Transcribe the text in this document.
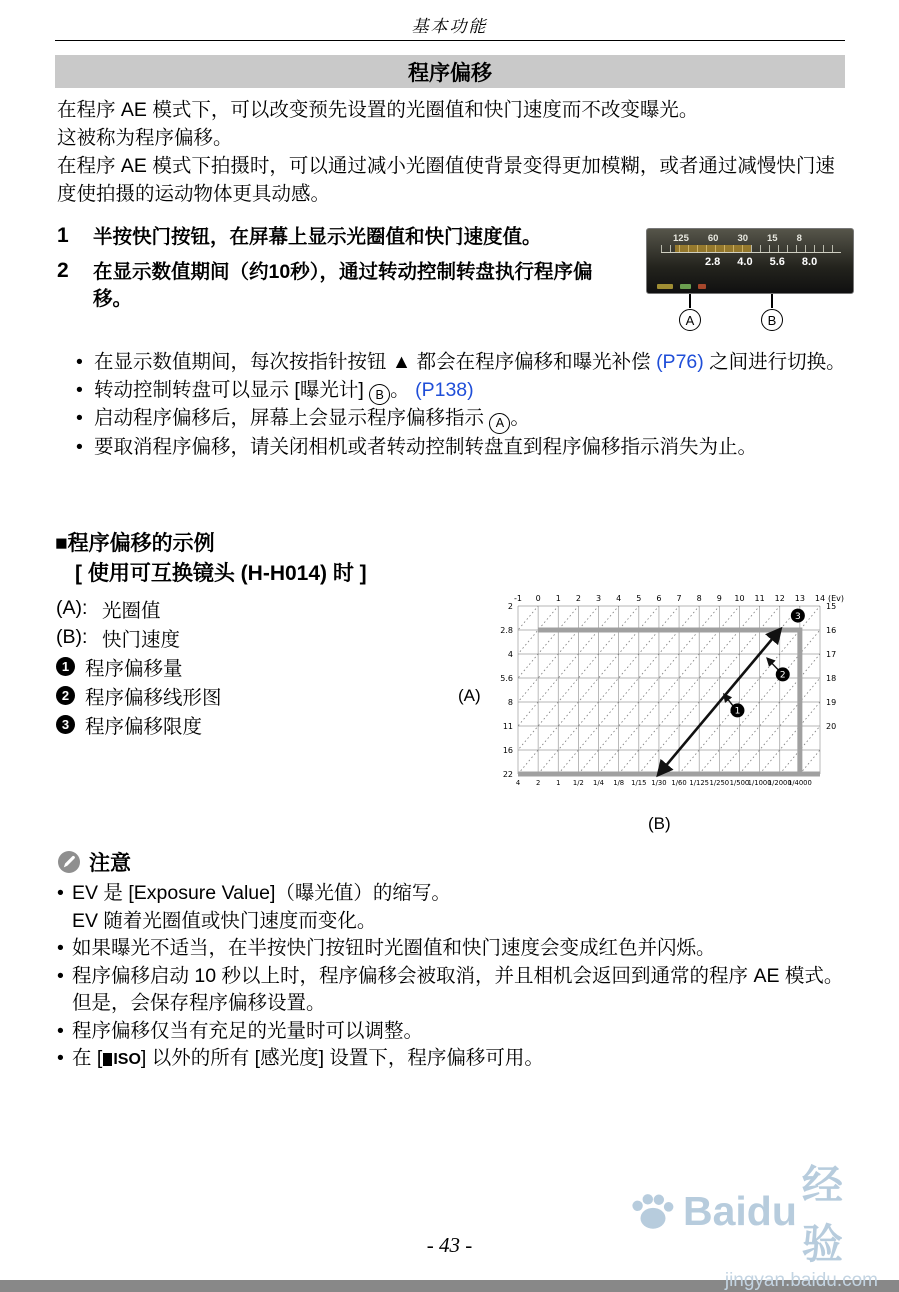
基本功能
程序偏移

在程序 AE 模式下，可以改变预先设置的光圈值和快门速度而不改变曝光。

这被称为程序偏移。

在程序 AE 模式下拍摄时，可以通过减小光圈值使背景变得更加模糊，或者通过减慢快门速度使拍摄的运动物体更具动感。

1	半按快门按钮，在屏幕上显示光圈值和快门速度值。
2	在显示数值期间（约10秒），通过转动控制转盘执行程序偏移。
125 60 30 15 8
2.8 4.0 5.6 8.0
A	B
• 在显示数值期间，每次按指针按钮 ▲ 都会在程序偏移和曝光补偿 (P76) 之间进行切换。
• 转动控制转盘可以显示 [曝光计] B 。 (P138)
• 启动程序偏移后，屏幕上会显示程序偏移指示 A 。
• 要取消程序偏移，请关闭相机或者转动控制转盘直到程序偏移指示消失为止。
■程序偏移的示例
[ 使用可互换镜头 (H-H014) 时 ]
(A): 光圈值
(B): 快门速度
1 程序偏移量
2 程序偏移线形图
3 程序偏移限度
(A)
-1 0 1 2 3 4 5 6 7 8 9 10 11 12 13 14 (Ev)
15
16
17
18
19
20
2
2.8
4
5.6
8
11
16
22
4 2 1 1/2 1/4 1/8 1/15 1/30 1/60 1/125 1/250 1/500
1/1000
1/2000
1/4000
1
2
3
(B)
注意
• EV 是 [Exposure Value]（曝光值）的缩写。
EV 随着光圈值或快门速度而变化。
• 如果曝光不适当，在半按快门按钮时光圈值和快门速度会变成红色并闪烁。
• 程序偏移启动 10 秒以上时，程序偏移会被取消，并且相机会返回到通常的程序 AE 模式。但是，会保存程序偏移设置。
• 程序偏移仅当有充足的光量时可以调整。
• 在 [ ISO] 以外的所有 [感光度] 设置下，程序偏移可用。
Baidu
经验
jingyan.baidu.com
- 43 -
